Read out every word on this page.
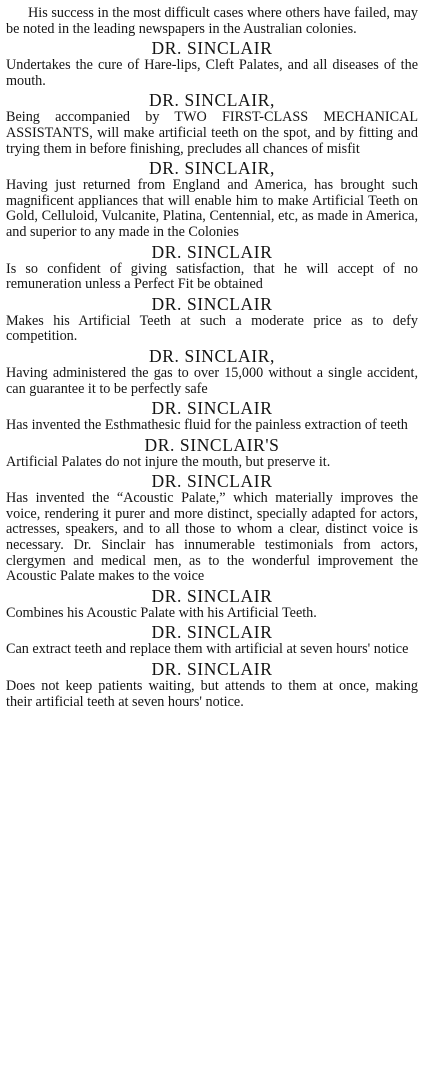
His success in the most difficult cases where others have failed, may be noted in the leading newspapers in the Australian colonies.

DR. SINCLAIR

Undertakes the cure of Hare-lips, Cleft Palates, and all diseases of the mouth.

DR. SINCLAIR,

Being accompanied by TWO FIRST-CLASS MECHANICAL ASSISTANTS, will make artificial teeth on the spot, and by fitting and trying them in before finishing, precludes all chances of misfit

DR. SINCLAIR,

Having just returned from England and America, has brought such magnificent appliances that will enable him to make Artificial Teeth on Gold, Celluloid, Vulcanite, Platina, Centennial, etc, as made in America, and superior to any made in the Colonies

DR. SINCLAIR

Is so confident of giving satisfaction, that he will accept of no remuneration unless a Perfect Fit be obtained

DR. SINCLAIR

Makes his Artificial Teeth at such a moderate price as to defy competition.

DR. SINCLAIR,

Having administered the gas to over 15,000 without a single accident, can guarantee it to be perfectly safe

DR. SINCLAIR

Has invented the Esthmathesic fluid for the painless extraction of teeth

DR. SINCLAIR'S

Artificial Palates do not injure the mouth, but preserve it.

DR. SINCLAIR

Has invented the “Acoustic Palate,” which materially improves the voice, rendering it purer and more distinct, specially adapted for actors, actresses, speakers, and to all those to whom a clear, distinct voice is necessary. Dr. Sinclair has innumerable testimonials from actors, clergymen and medical men, as to the wonderful improvement the Acoustic Palate makes to the voice

DR. SINCLAIR

Combines his Acoustic Palate with his Artificial Teeth.

DR. SINCLAIR

Can extract teeth and replace them with artificial at seven hours' notice

DR. SINCLAIR

Does not keep patients waiting, but attends to them at once, making their artificial teeth at seven hours' notice.
